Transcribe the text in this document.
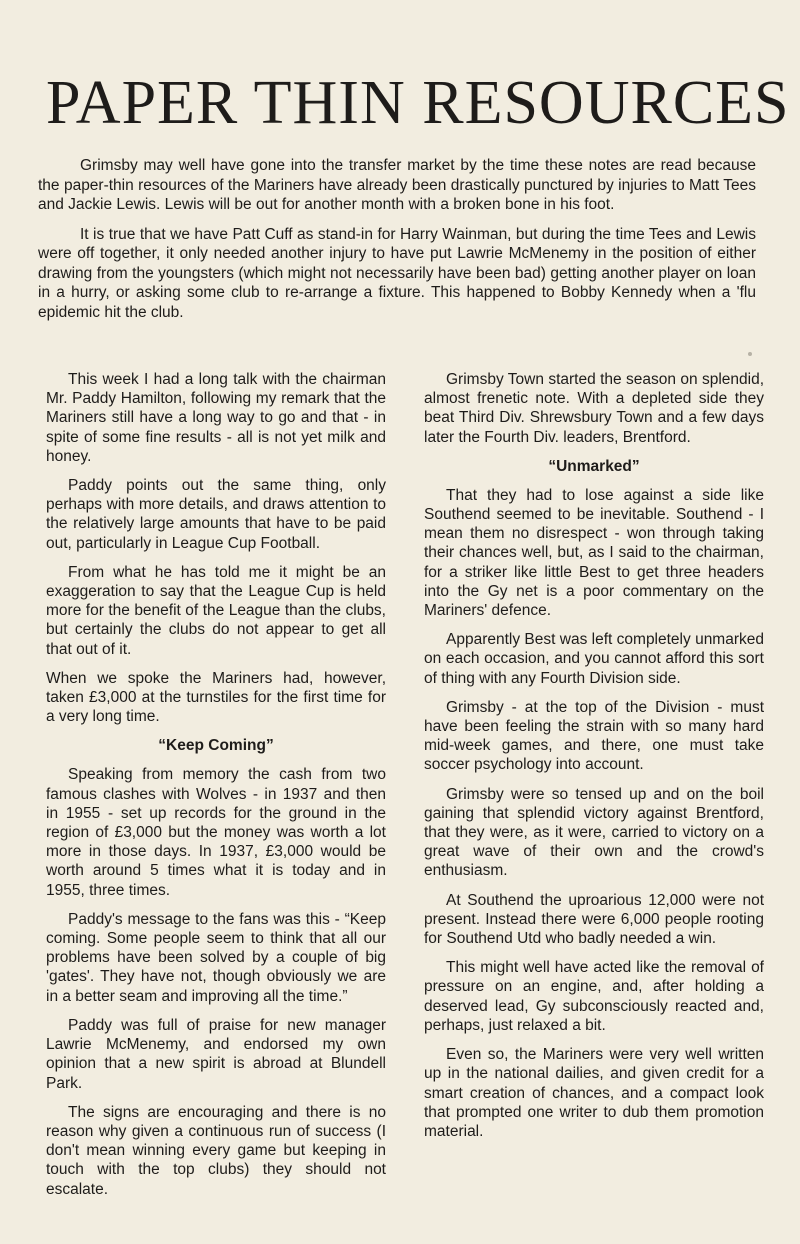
PAPER THIN RESOURCES

Grimsby may well have gone into the transfer market by the time these notes are read because the paper-thin resources of the Mariners have already been drastically punctured by injuries to Matt Tees and Jackie Lewis. Lewis will be out for another month with a broken bone in his foot.

It is true that we have Patt Cuff as stand-in for Harry Wainman, but during the time Tees and Lewis were off together, it only needed another injury to have put Lawrie McMenemy in the position of either drawing from the youngsters (which might not necessarily have been bad) getting another player on loan in a hurry, or asking some club to re-arrange a fixture. This happened to Bobby Kennedy when a 'flu epidemic hit the club.

This week I had a long talk with the chairman Mr. Paddy Hamilton, following my remark that the Mariners still have a long way to go and that - in spite of some fine results - all is not yet milk and honey.

Paddy points out the same thing, only perhaps with more details, and draws attention to the relatively large amounts that have to be paid out, particularly in League Cup Football.

From what he has told me it might be an exaggeration to say that the League Cup is held more for the benefit of the League than the clubs, but certainly the clubs do not appear to get all that out of it.

When we spoke the Mariners had, however, taken £3,000 at the turnstiles for the first time for a very long time.

“Keep Coming”

Speaking from memory the cash from two famous clashes with Wolves - in 1937 and then in 1955 - set up records for the ground in the region of £3,000 but the money was worth a lot more in those days. In 1937, £3,000 would be worth around 5 times what it is today and in 1955, three times.

Paddy's message to the fans was this - “Keep coming. Some people seem to think that all our problems have been solved by a couple of big 'gates'. They have not, though obviously we are in a better seam and improving all the time.”

Paddy was full of praise for new manager Lawrie McMenemy, and endorsed my own opinion that a new spirit is abroad at Blundell Park.

The signs are encouraging and there is no reason why given a continuous run of success (I don't mean winning every game but keeping in touch with the top clubs) they should not escalate.

Grimsby Town started the season on splendid, almost frenetic note. With a depleted side they beat Third Div. Shrewsbury Town and a few days later the Fourth Div. leaders, Brentford.

“Unmarked”

That they had to lose against a side like Southend seemed to be inevitable. Southend - I mean them no disrespect - won through taking their chances well, but, as I said to the chairman, for a striker like little Best to get three headers into the Gy net is a poor commentary on the Mariners' defence.

Apparently Best was left completely unmarked on each occasion, and you cannot afford this sort of thing with any Fourth Division side.

Grimsby - at the top of the Division - must have been feeling the strain with so many hard mid-week games, and there, one must take soccer psychology into account.

Grimsby were so tensed up and on the boil gaining that splendid victory against Brentford, that they were, as it were, carried to victory on a great wave of their own and the crowd's enthusiasm.

At Southend the uproarious 12,000 were not present. Instead there were 6,000 people rooting for Southend Utd who badly needed a win.

This might well have acted like the removal of pressure on an engine, and, after holding a deserved lead, Gy subconsciously reacted and, perhaps, just relaxed a bit.

Even so, the Mariners were very well written up in the national dailies, and given credit for a smart creation of chances, and a compact look that prompted one writer to dub them promotion material.
